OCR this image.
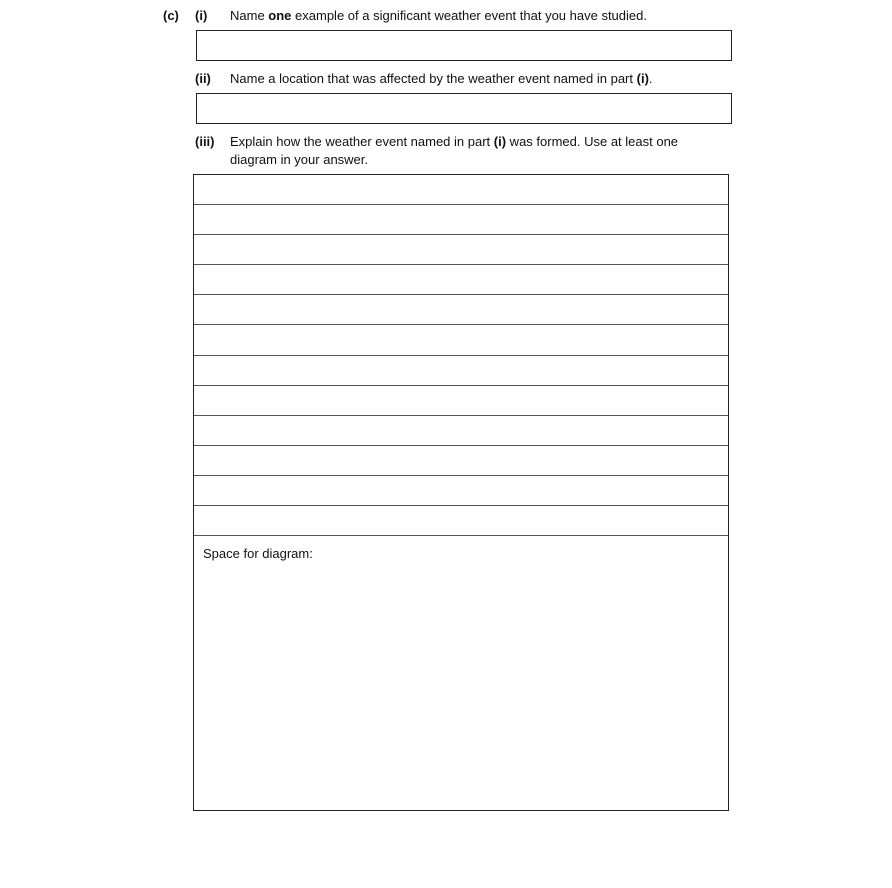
(c) (i) Name one example of a significant weather event that you have studied.
(ii) Name a location that was affected by the weather event named in part (i).
(iii) Explain how the weather event named in part (i) was formed. Use at least one
diagram in your answer.
Space for diagram:
